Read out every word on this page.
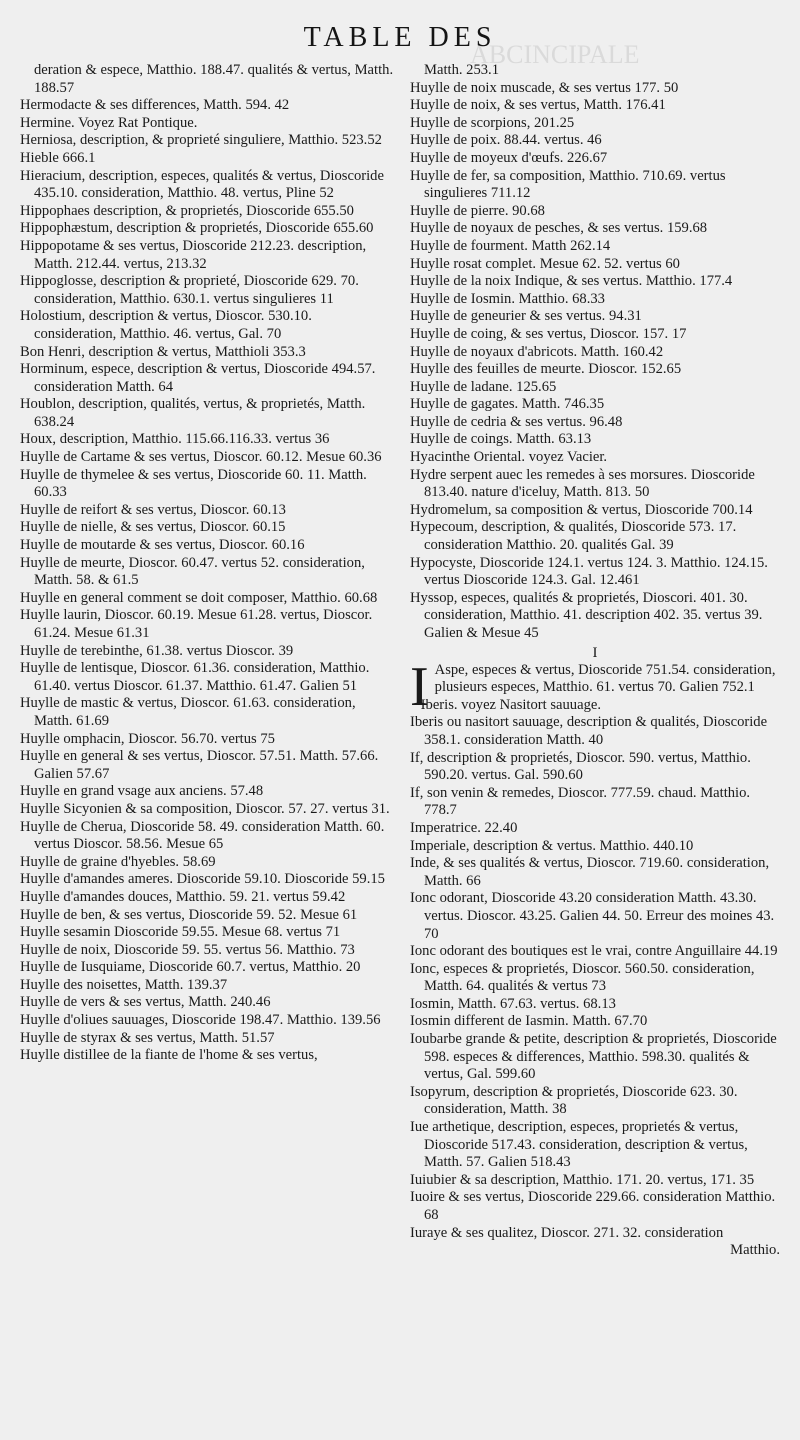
ABCINCIPALE
TABLE DES

deration & espece, Matthio. 188.47. qualités & vertus, Matth. 188.57

Hermodacte & ses differences, Matth. 594. 42

Hermine. Voyez Rat Pontique.

Herniosa, description, & proprieté singuliere, Matthio. 523.52

Hieble 666.1

Hieracium, description, especes, qualités & vertus, Dioscoride 435.10. consideration, Matthio. 48. vertus, Pline 52

Hippophaes description, & proprietés, Dioscoride 655.50

Hippophæstum, description & proprietés, Dioscoride 655.60

Hippopotame & ses vertus, Dioscoride 212.23. description, Matth. 212.44. vertus, 213.32

Hippoglosse, description & proprieté, Dioscoride 629. 70. consideration, Matthio. 630.1. vertus singulieres 11

Holostium, description & vertus, Dioscor. 530.10. consideration, Matthio. 46. vertus, Gal. 70

Bon Henri, description & vertus, Matthioli 353.3

Horminum, espece, description & vertus, Dioscoride 494.57. consideration Matth. 64

Houblon, description, qualités, vertus, & proprietés, Matth. 638.24

Houx, description, Matthio. 115.66.116.33. vertus 36

Huylle de Cartame & ses vertus, Dioscor. 60.12. Mesue 60.36

Huylle de thymelee & ses vertus, Dioscoride 60. 11. Matth. 60.33

Huylle de reifort & ses vertus, Dioscor. 60.13

Huylle de nielle, & ses vertus, Dioscor. 60.15

Huylle de moutarde & ses vertus, Dioscor. 60.16

Huylle de meurte, Dioscor. 60.47. vertus 52. consideration, Matth. 58. & 61.5

Huylle en general comment se doit composer, Matthio. 60.68

Huylle laurin, Dioscor. 60.19. Mesue 61.28. vertus, Dioscor. 61.24. Mesue 61.31

Huylle de terebinthe, 61.38. vertus Dioscor. 39

Huylle de lentisque, Dioscor. 61.36. consideration, Matthio. 61.40. vertus Dioscor. 61.37. Matthio. 61.47. Galien 51

Huylle de mastic & vertus, Dioscor. 61.63. consideration, Matth. 61.69

Huylle omphacin, Dioscor. 56.70. vertus 75

Huylle en general & ses vertus, Dioscor. 57.51. Matth. 57.66. Galien 57.67

Huylle en grand vsage aux anciens. 57.48

Huylle Sicyonien & sa composition, Dioscor. 57. 27. vertus 31.

Huylle de Cherua, Dioscoride 58. 49. consideration Matth. 60. vertus Dioscor. 58.56. Mesue 65

Huylle de graine d'hyebles. 58.69

Huylle d'amandes ameres. Dioscoride 59.10. Dioscoride 59.15

Huylle d'amandes douces, Matthio. 59. 21. vertus 59.42

Huylle de ben, & ses vertus, Dioscoride 59. 52. Mesue 61

Huylle sesamin Dioscoride 59.55. Mesue 68. vertus 71

Huylle de noix, Dioscoride 59. 55. vertus 56. Matthio. 73

Huylle de Iusquiame, Dioscoride 60.7. vertus, Matthio. 20

Huylle des noisettes, Matth. 139.37

Huylle de vers & ses vertus, Matth. 240.46

Huylle d'oliues sauuages, Dioscoride 198.47. Matthio. 139.56

Huylle de styrax & ses vertus, Matth. 51.57

Huylle distillee de la fiante de l'home & ses vertus,

Matth. 253.1

Huylle de noix muscade, & ses vertus 177. 50

Huylle de noix, & ses vertus, Matth. 176.41

Huylle de scorpions, 201.25

Huylle de poix. 88.44. vertus. 46

Huylle de moyeux d'œufs. 226.67

Huylle de fer, sa composition, Matthio. 710.69. vertus singulieres 711.12

Huylle de pierre. 90.68

Huylle de noyaux de pesches, & ses vertus. 159.68

Huylle de fourment. Matth 262.14

Huylle rosat complet. Mesue 62. 52. vertus 60

Huylle de la noix Indique, & ses vertus. Matthio. 177.4

Huylle de Iosmin. Matthio. 68.33

Huylle de geneurier & ses vertus. 94.31

Huylle de coing, & ses vertus, Dioscor. 157. 17

Huylle de noyaux d'abricots. Matth. 160.42

Huylle des feuilles de meurte. Dioscor. 152.65

Huylle de ladane. 125.65

Huylle de gagates. Matth. 746.35

Huylle de cedria & ses vertus. 96.48

Huylle de coings. Matth. 63.13

Hyacinthe Oriental. voyez Vacier.

Hydre serpent auec les remedes à ses morsures. Dioscoride 813.40. nature d'iceluy, Matth. 813. 50

Hydromelum, sa composition & vertus, Dioscoride 700.14

Hypecoum, description, & qualités, Dioscoride 573. 17. consideration Matthio. 20. qualités Gal. 39

Hypocyste, Dioscoride 124.1. vertus 124. 3. Matthio. 124.15. vertus Dioscoride 124.3. Gal. 12.461

Hyssop, especes, qualités & proprietés, Dioscori. 401. 30. consideration, Matthio. 41. description 402. 35. vertus 39. Galien & Mesue 45

I

I Aspe, especes & vertus, Dioscoride 751.54. consideration, plusieurs especes, Matthio. 61. vertus 70. Galien 752.1

Iberis. voyez Nasitort sauuage.

Iberis ou nasitort sauuage, description & qualités, Dioscoride 358.1. consideration Matth. 40

If, description & proprietés, Dioscor. 590. vertus, Matthio. 590.20. vertus. Gal. 590.60

If, son venin & remedes, Dioscor. 777.59. chaud. Matthio. 778.7

Imperatrice. 22.40

Imperiale, description & vertus. Matthio. 440.10

Inde, & ses qualités & vertus, Dioscor. 719.60. consideration, Matth. 66

Ionc odorant, Dioscoride 43.20 consideration Matth. 43.30. vertus. Dioscor. 43.25. Galien 44. 50. Erreur des moines 43. 70

Ionc odorant des boutiques est le vrai, contre Anguillaire 44.19

Ionc, especes & proprietés, Dioscor. 560.50. consideration, Matth. 64. qualités & vertus 73

Iosmin, Matth. 67.63. vertus. 68.13

Iosmin different de Iasmin. Matth. 67.70

Ioubarbe grande & petite, description & proprietés, Dioscoride 598. especes & differences, Matthio. 598.30. qualités & vertus, Gal. 599.60

Isopyrum, description & proprietés, Dioscoride 623. 30. consideration, Matth. 38

Iue arthetique, description, especes, proprietés & vertus, Dioscoride 517.43. consideration, description & vertus, Matth. 57. Galien 518.43

Iuiubier & sa description, Matthio. 171. 20. vertus, 171. 35

Iuoire & ses vertus, Dioscoride 229.66. consideration Matthio. 68

Iuraye & ses qualitez, Dioscor. 271. 32. consideration

Matthio.
